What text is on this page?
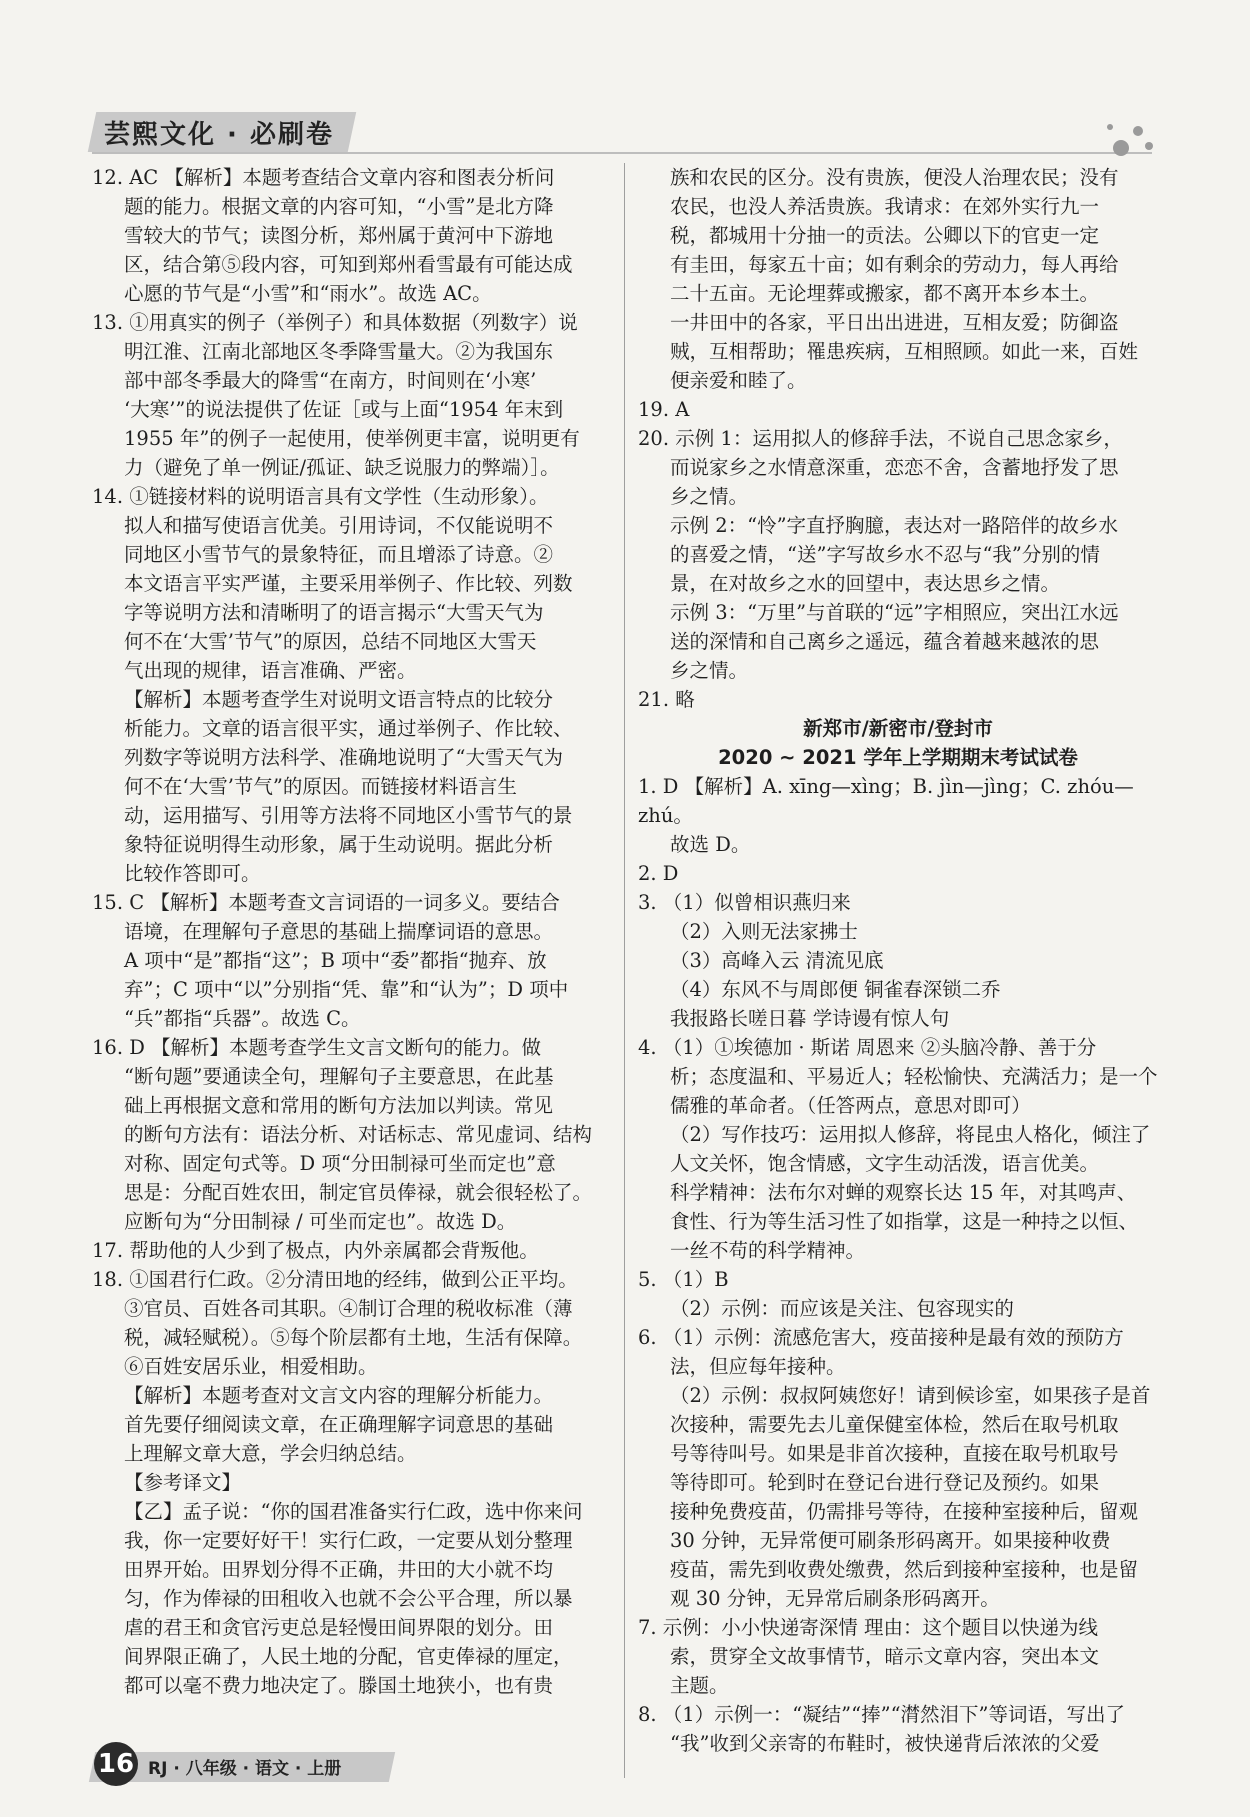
芸熙文化 · 必刷卷

12. AC 【解析】本题考查结合文章内容和图表分析问

题的能力。根据文章的内容可知，“小雪”是北方降

雪较大的节气；读图分析，郑州属于黄河中下游地

区，结合第⑤段内容，可知到郑州看雪最有可能达成

心愿的节气是“小雪”和“雨水”。故选 AC。

13. ①用真实的例子（举例子）和具体数据（列数字）说

明江淮、江南北部地区冬季降雪量大。②为我国东

部中部冬季最大的降雪“在南方，时间则在‘小寒’

‘大寒’”的说法提供了佐证［或与上面“1954 年末到

1955 年”的例子一起使用，使举例更丰富，说明更有

力（避免了单一例证/孤证、缺乏说服力的弊端）］。

14. ①链接材料的说明语言具有文学性（生动形象）。

拟人和描写使语言优美。引用诗词，不仅能说明不

同地区小雪节气的景象特征，而且增添了诗意。②

本文语言平实严谨，主要采用举例子、作比较、列数

字等说明方法和清晰明了的语言揭示“大雪天气为

何不在‘大雪’节气”的原因，总结不同地区大雪天

气出现的规律，语言准确、严密。

【解析】本题考查学生对说明文语言特点的比较分

析能力。文章的语言很平实，通过举例子、作比较、

列数字等说明方法科学、准确地说明了“大雪天气为

何不在‘大雪’节气”的原因。而链接材料语言生

动，运用描写、引用等方法将不同地区小雪节气的景

象特征说明得生动形象，属于生动说明。据此分析

比较作答即可。

15. C 【解析】本题考查文言词语的一词多义。要结合

语境，在理解句子意思的基础上揣摩词语的意思。

A 项中“是”都指“这”；B 项中“委”都指“抛弃、放

弃”；C 项中“以”分别指“凭、靠”和“认为”；D 项中

“兵”都指“兵器”。故选 C。

16. D 【解析】本题考查学生文言文断句的能力。做

“断句题”要通读全句，理解句子主要意思，在此基

础上再根据文意和常用的断句方法加以判读。常见

的断句方法有：语法分析、对话标志、常见虚词、结构

对称、固定句式等。D 项“分田制禄可坐而定也”意

思是：分配百姓农田，制定官员俸禄，就会很轻松了。

应断句为“分田制禄 / 可坐而定也”。故选 D。

17. 帮助他的人少到了极点，内外亲属都会背叛他。

18. ①国君行仁政。②分清田地的经纬，做到公正平均。

③官员、百姓各司其职。④制订合理的税收标准（薄

税，减轻赋税）。⑤每个阶层都有土地，生活有保障。

⑥百姓安居乐业，相爱相助。

【解析】本题考查对文言文内容的理解分析能力。

首先要仔细阅读文章，在正确理解字词意思的基础

上理解文章大意，学会归纳总结。

【参考译文】

【乙】孟子说：“你的国君准备实行仁政，选中你来问

我，你一定要好好干！实行仁政，一定要从划分整理

田界开始。田界划分得不正确，井田的大小就不均

匀，作为俸禄的田租收入也就不会公平合理，所以暴

虐的君王和贪官污吏总是轻慢田间界限的划分。田

间界限正确了，人民土地的分配，官吏俸禄的厘定，

都可以毫不费力地决定了。滕国土地狭小，也有贵

族和农民的区分。没有贵族，便没人治理农民；没有

农民，也没人养活贵族。我请求：在郊外实行九一

税，都城用十分抽一的贡法。公卿以下的官吏一定

有圭田，每家五十亩；如有剩余的劳动力，每人再给

二十五亩。无论埋葬或搬家，都不离开本乡本土。

一井田中的各家，平日出出进进，互相友爱；防御盗

贼，互相帮助；罹患疾病，互相照顾。如此一来，百姓

便亲爱和睦了。

19. A

20. 示例 1：运用拟人的修辞手法，不说自己思念家乡，

而说家乡之水情意深重，恋恋不舍，含蓄地抒发了思

乡之情。

示例 2：“怜”字直抒胸臆，表达对一路陪伴的故乡水

的喜爱之情，“送”字写故乡水不忍与“我”分别的情

景，在对故乡之水的回望中，表达思乡之情。

示例 3：“万里”与首联的“远”字相照应，突出江水远

送的深情和自己离乡之遥远，蕴含着越来越浓的思

乡之情。

21. 略

新郑市/新密市/登封市

2020 ~ 2021 学年上学期期末考试试卷

1. D 【解析】A. xīng—xìng；B. jìn—jìng；C. zhóu—zhú。

故选 D。

2. D

3. （1）似曾相识燕归来

（2）入则无法家拂士

（3）高峰入云 清流见底

（4）东风不与周郎便 铜雀春深锁二乔

我报路长嗟日暮 学诗谩有惊人句

4. （1）①埃德加 · 斯诺 周恩来 ②头脑冷静、善于分

析；态度温和、平易近人；轻松愉快、充满活力；是一个

儒雅的革命者。（任答两点，意思对即可）

（2）写作技巧：运用拟人修辞，将昆虫人格化，倾注了

人文关怀，饱含情感，文字生动活泼，语言优美。

科学精神：法布尔对蝉的观察长达 15 年，对其鸣声、

食性、行为等生活习性了如指掌，这是一种持之以恒、

一丝不苟的科学精神。

5. （1）B

（2）示例：而应该是关注、包容现实的

6. （1）示例：流感危害大，疫苗接种是最有效的预防方

法，但应每年接种。

（2）示例：叔叔阿姨您好！请到候诊室，如果孩子是首

次接种，需要先去儿童保健室体检，然后在取号机取

号等待叫号。如果是非首次接种，直接在取号机取号

等待即可。轮到时在登记台进行登记及预约。如果

接种免费疫苗，仍需排号等待，在接种室接种后，留观

30 分钟，无异常便可刷条形码离开。如果接种收费

疫苗，需先到收费处缴费，然后到接种室接种，也是留

观 30 分钟，无异常后刷条形码离开。

7. 示例：小小快递寄深情 理由：这个题目以快递为线

索，贯穿全文故事情节，暗示文章内容，突出本文

主题。

8. （1）示例一：“凝结”“捧”“潸然泪下”等词语，写出了

“我”收到父亲寄的布鞋时，被快递背后浓浓的父爱

16 RJ · 八年级 · 语文 · 上册
